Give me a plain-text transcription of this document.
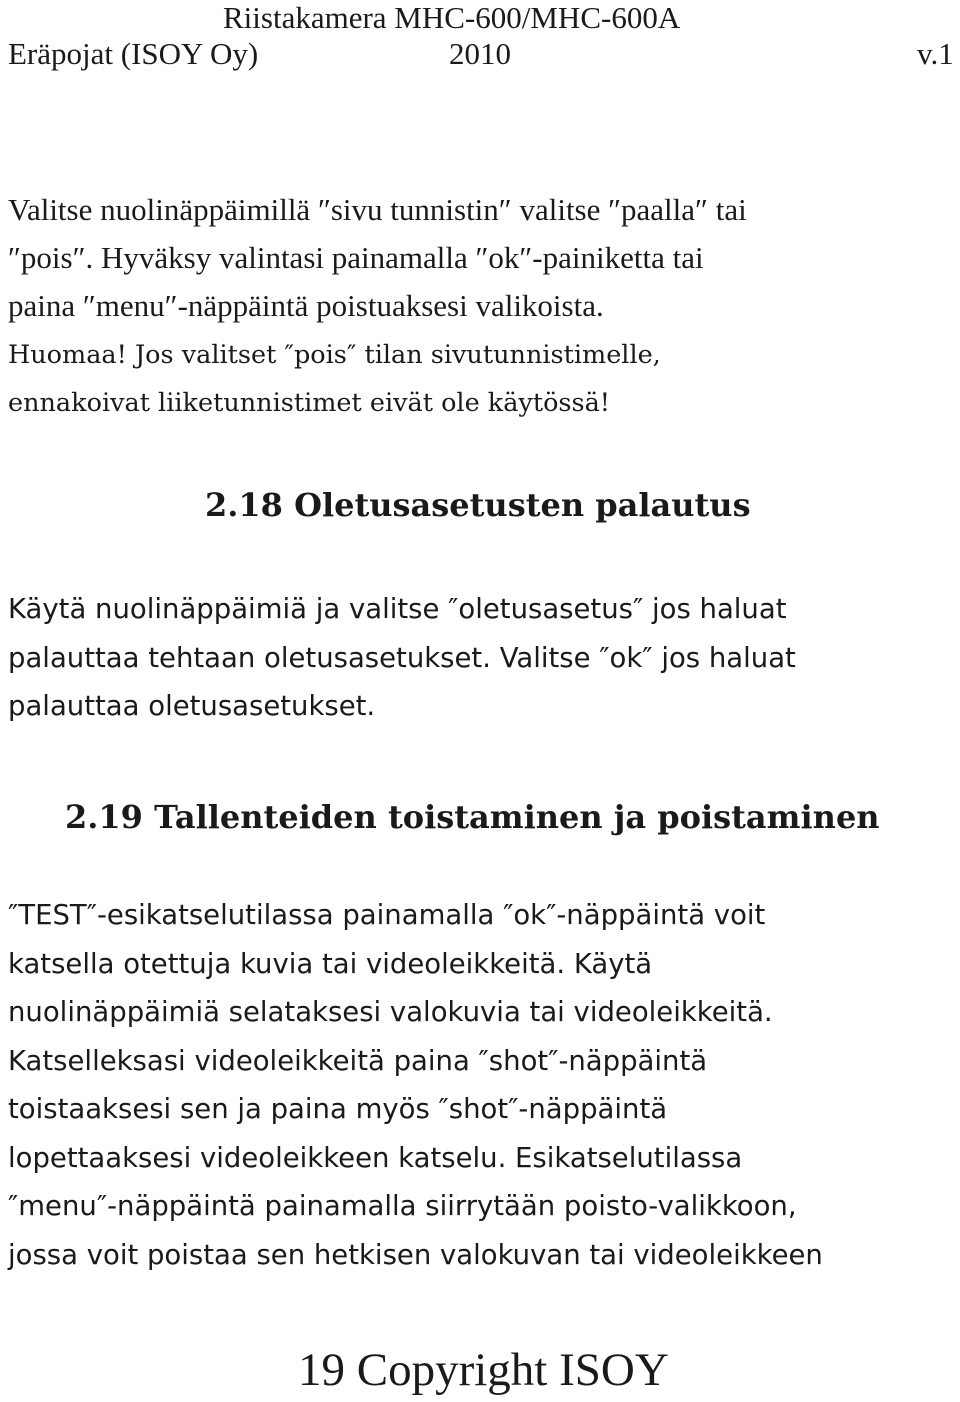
Riistakamera MHC-600/MHC-600A
Eräpojat (ISOY Oy)	2010	v.1
Valitse nuolinäppäimillä ″sivu tunnistin″ valitse ″paalla″ tai
″pois″. Hyväksy valintasi painamalla ″ok″-painiketta tai
paina ″menu″-näppäintä poistuaksesi valikoista.
Huomaa! Jos valitset ″pois″ tilan sivutunnistimelle,
ennakoivat liiketunnistimet eivät ole käytössä!
2.18 Oletusasetusten palautus
Käytä nuolinäppäimiä ja valitse ″oletusasetus″ jos haluat
palauttaa tehtaan oletusasetukset. Valitse ″ok″ jos haluat
palauttaa oletusasetukset.
2.19 Tallenteiden toistaminen ja poistaminen
″TEST″-esikatselutilassa painamalla ″ok″-näppäintä voit
katsella otettuja kuvia tai videoleikkeitä. Käytä
nuolinäppäimiä selataksesi valokuvia tai videoleikkeitä.
Katselleksasi videoleikkeitä paina ″shot″-näppäintä
toistaaksesi sen ja paina myös ″shot″-näppäintä
lopettaaksesi videoleikkeen katselu. Esikatselutilassa
″menu″-näppäintä painamalla siirrytään poisto-valikkoon,
jossa voit poistaa sen hetkisen valokuvan tai videoleikkeen
19 Copyright ISOY
